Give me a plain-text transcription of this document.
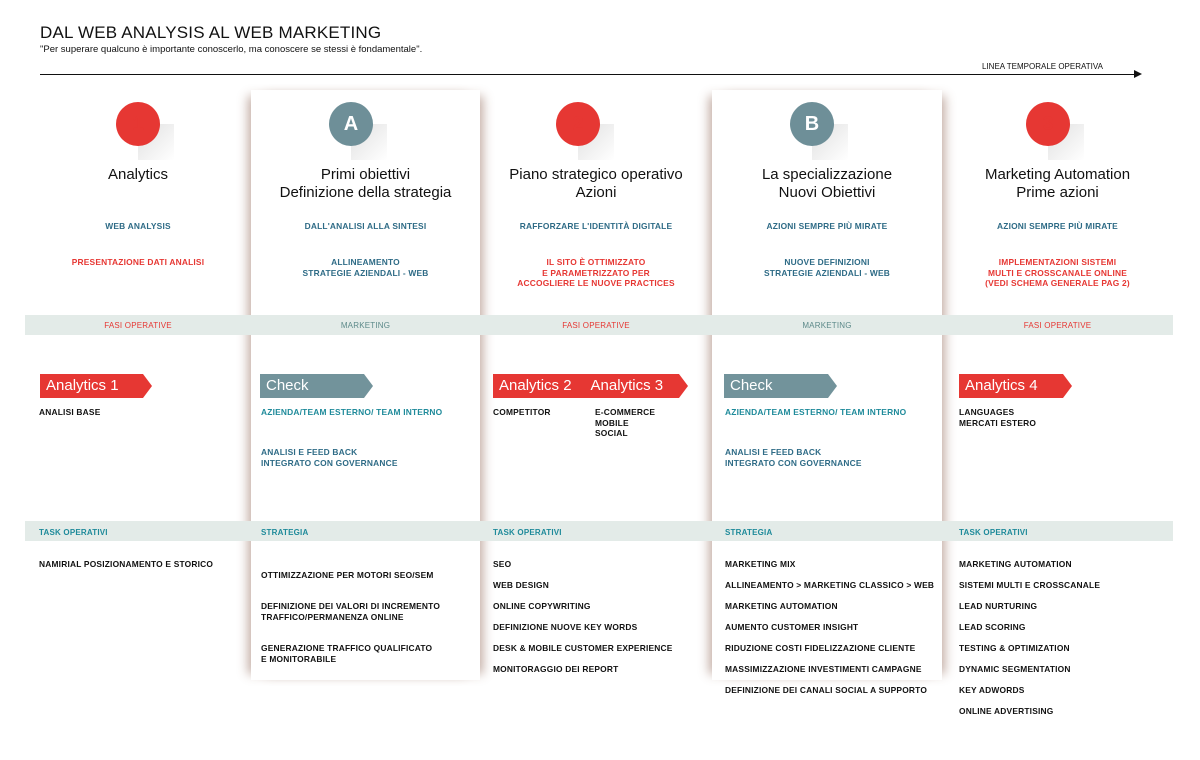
DAL WEB ANALYSIS AL WEB MARKETING
"Per superare qualcuno è importante conoscerlo, ma conoscere se stessi è fondamentale".
LINEA TEMPORALE OPERATIVA
1
Analytics
WEB ANALYSIS
PRESENTAZIONE DATI ANALISI
FASI OPERATIVE
Analytics 1
ANALISI BASE
TASK OPERATIVI
NAMIRIAL POSIZIONAMENTO E STORICO
A
Primi obiettivi
Definizione della strategia
DALL'ANALISI ALLA SINTESI
ALLINEAMENTO
STRATEGIE AZIENDALI - WEB
MARKETING
Check
AZIENDA/TEAM ESTERNO/ TEAM INTERNO
ANALISI E FEED BACK
INTEGRATO CON GOVERNANCE
STRATEGIA

OTTIMIZZAZIONE PER MOTORI SEO/SEM

DEFINIZIONE DEI VALORI DI INCREMENTO
TRAFFICO/PERMANENZA ONLINE

GENERAZIONE TRAFFICO QUALIFICATO
E MONITORABILE

2
Piano strategico operativo
Azioni
RAFFORZARE L'IDENTITÀ DIGITALE
IL SITO È OTTIMIZZATO
E PARAMETRIZZATO PER
ACCOGLIERE LE NUOVE PRACTICES
FASI OPERATIVE
Analytics 2 Analytics 3
COMPETITOR	E-COMMERCE
MOBILE
SOCIAL
TASK OPERATIVI
SEO
WEB DESIGN
ONLINE COPYWRITING
DEFINIZIONE NUOVE KEY WORDS
DESK & MOBILE CUSTOMER EXPERIENCE
MONITORAGGIO DEI REPORT
B
La specializzazione
Nuovi Obiettivi
AZIONI SEMPRE PIÙ MIRATE
NUOVE DEFINIZIONI
STRATEGIE AZIENDALI - WEB
MARKETING
Check
AZIENDA/TEAM ESTERNO/ TEAM INTERNO
ANALISI E FEED BACK
INTEGRATO CON GOVERNANCE
STRATEGIA
MARKETING MIX
ALLINEAMENTO > MARKETING CLASSICO > WEB
MARKETING AUTOMATION
AUMENTO CUSTOMER INSIGHT
RIDUZIONE COSTI FIDELIZZAZIONE CLIENTE
MASSIMIZZAZIONE INVESTIMENTI CAMPAGNE
DEFINIZIONE DEI CANALI SOCIAL A SUPPORTO
3
Marketing Automation
Prime azioni
AZIONI SEMPRE PIÙ MIRATE
IMPLEMENTAZIONI SISTEMI
MULTI E CROSSCANALE ONLINE
(VEDI SCHEMA GENERALE PAG 2)
FASI OPERATIVE
Analytics 4
LANGUAGES
MERCATI ESTERO
TASK OPERATIVI
MARKETING AUTOMATION
SISTEMI MULTI E CROSSCANALE
LEAD NURTURING
LEAD SCORING
TESTING & OPTIMIZATION
DYNAMIC SEGMENTATION
KEY ADWORDS
ONLINE ADVERTISING
